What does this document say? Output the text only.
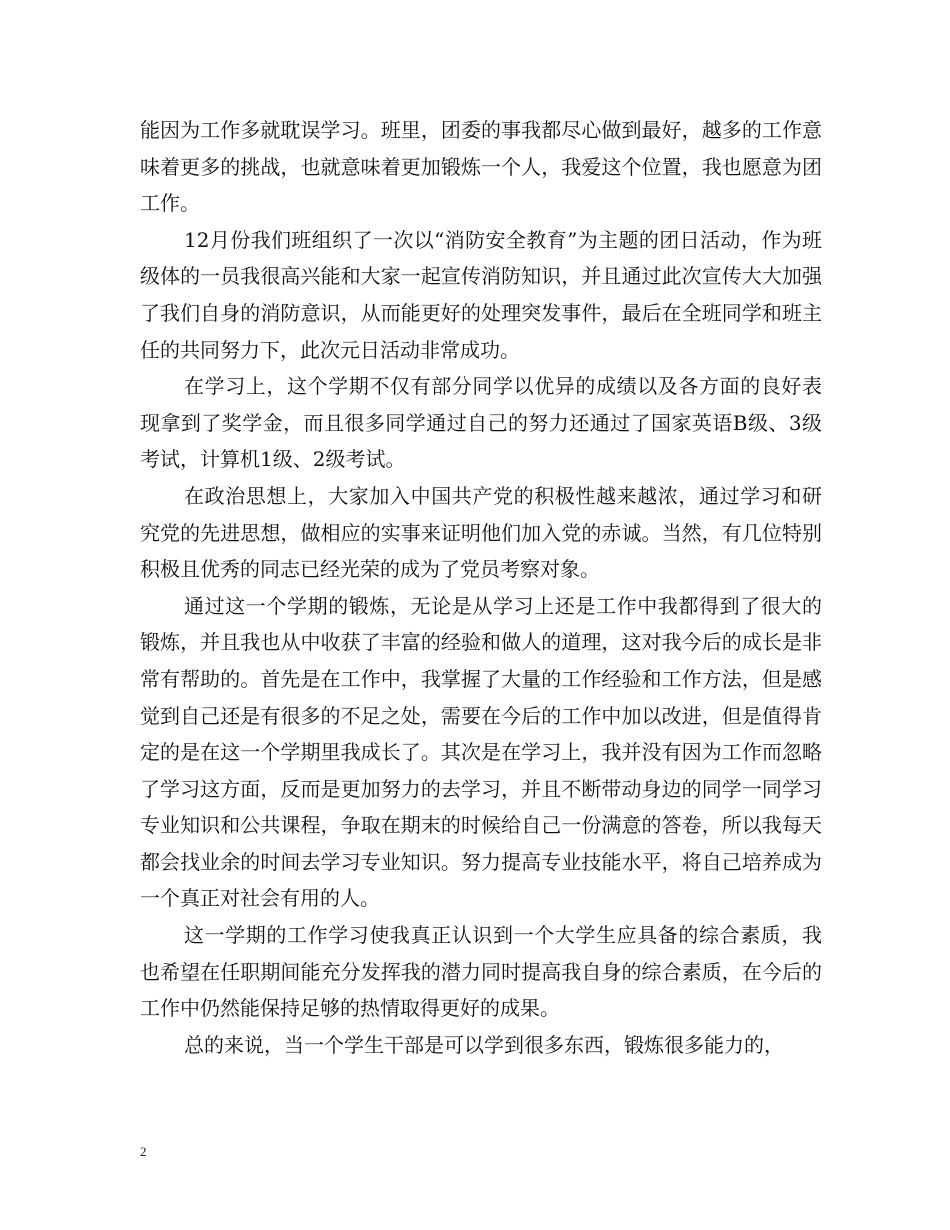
能因为工作多就耽误学习。班里，团委的事我都尽心做到最好，越多的工作意味着更多的挑战，也就意味着更加锻炼一个人，我爱这个位置，我也愿意为团工作。

12月份我们班组织了一次以“消防安全教育”为主题的团日活动，作为班级体的一员我很高兴能和大家一起宣传消防知识，并且通过此次宣传大大加强了我们自身的消防意识，从而能更好的处理突发事件，最后在全班同学和班主任的共同努力下，此次元日活动非常成功。

在学习上，这个学期不仅有部分同学以优异的成绩以及各方面的良好表现拿到了奖学金，而且很多同学通过自己的努力还通过了国家英语B级、3级考试，计算机1级、2级考试。

在政治思想上，大家加入中国共产党的积极性越来越浓，通过学习和研究党的先进思想，做相应的实事来证明他们加入党的赤诚。当然，有几位特别积极且优秀的同志已经光荣的成为了党员考察对象。

通过这一个学期的锻炼，无论是从学习上还是工作中我都得到了很大的锻炼，并且我也从中收获了丰富的经验和做人的道理，这对我今后的成长是非常有帮助的。首先是在工作中，我掌握了大量的工作经验和工作方法，但是感觉到自己还是有很多的不足之处，需要在今后的工作中加以改进，但是值得肯定的是在这一个学期里我成长了。其次是在学习上，我并没有因为工作而忽略了学习这方面，反而是更加努力的去学习，并且不断带动身边的同学一同学习专业知识和公共课程，争取在期末的时候给自己一份满意的答卷，所以我每天都会找业余的时间去学习专业知识。努力提高专业技能水平，将自己培养成为一个真正对社会有用的人。

这一学期的工作学习使我真正认识到一个大学生应具备的综合素质，我也希望在任职期间能充分发挥我的潜力同时提高我自身的综合素质，在今后的工作中仍然能保持足够的热情取得更好的成果。

总的来说，当一个学生干部是可以学到很多东西，锻炼很多能力的，

2
